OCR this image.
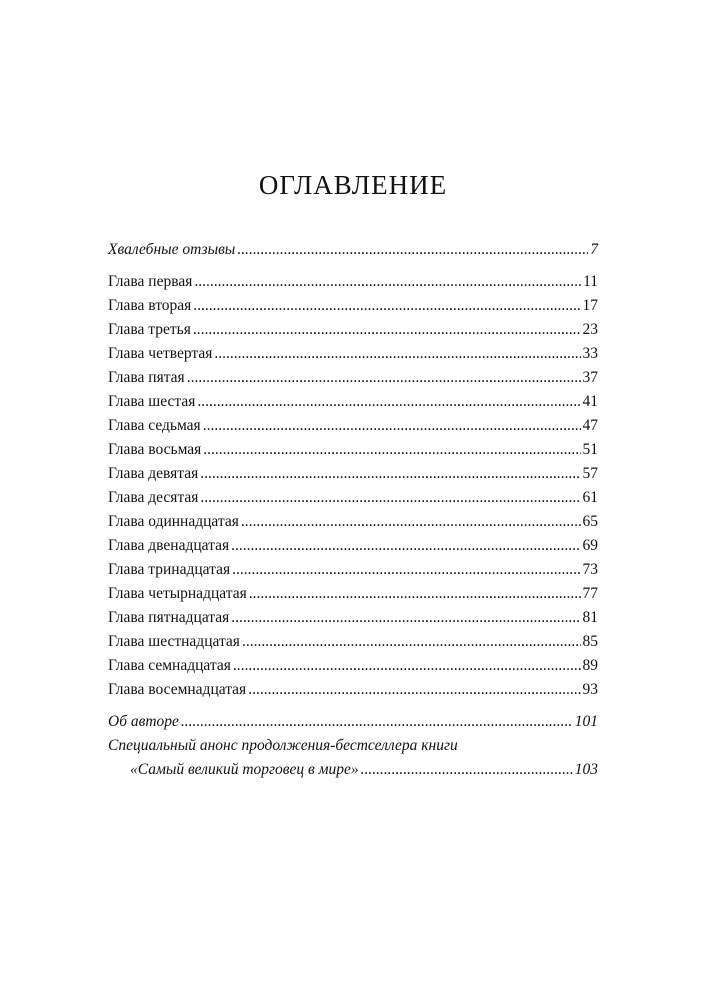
ОГЛАВЛЕНИЕ
Хвалебные отзывы .....	7
Глава первая .....	11
Глава вторая .....	17
Глава третья .....	23
Глава четвертая .....	33
Глава пятая .....	37
Глава шестая .....	41
Глава седьмая .....	47
Глава восьмая .....	51
Глава девятая .....	57
Глава десятая .....	61
Глава одиннадцатая .....	65
Глава двенадцатая .....	69
Глава тринадцатая .....	73
Глава четырнадцатая .....	77
Глава пятнадцатая .....	81
Глава шестнадцатая .....	85
Глава семнадцатая .....	89
Глава восемнадцатая .....	93
Об авторе .....	101
Специальный анонс продолжения-бестселлера книги
«Самый великий торговец в мире» .....	103
